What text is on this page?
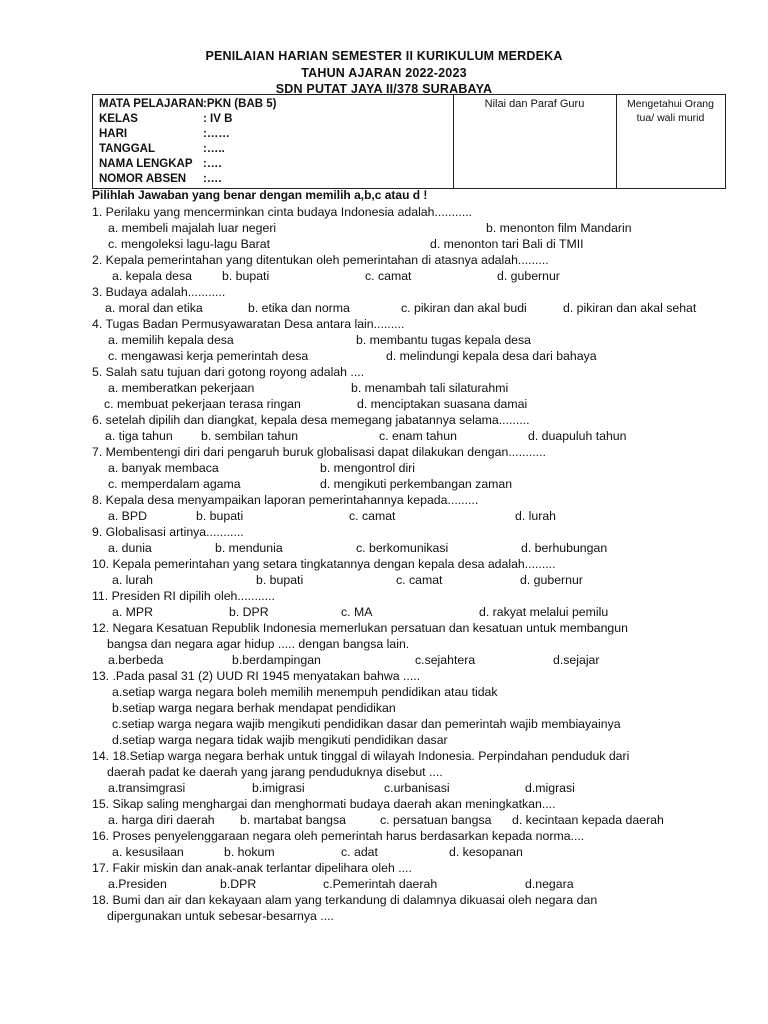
PENILAIAN HARIAN SEMESTER II KURIKULUM MERDEKA
TAHUN AJARAN 2022-2023
SDN PUTAT JAYA II/378 SURABAYA
MATA PELAJARAN:PKN (BAB 5)
KELAS	: IV B
HARI	:……
TANGGAL	:…..
NAMA LENGKAP :….
NOMOR ABSEN :….
Nilai dan Paraf Guru	Mengetahui Orang tua/ wali murid
Pilihlah Jawaban yang benar dengan memilih a,b,c atau d !
1. Perilaku yang mencerminkan cinta budaya Indonesia adalah...........
a. membeli majalah luar negeri	b. menonton film Mandarin
c. mengoleksi lagu-lagu Barat	d. menonton tari Bali di TMII
2. Kepala pemerintahan yang ditentukan oleh pemerintahan di atasnya adalah.........
a. kepala desa b. bupati	c. camat	d. gubernur
3. Budaya adalah...........
a. moral dan etika	b. etika dan norma	c. pikiran dan akal budi	d. pikiran dan akal sehat
4. Tugas Badan Permusyawaratan Desa antara lain.........
a. memilih kepala desa	b. membantu tugas kepala desa
c. mengawasi kerja pemerintah desa	d. melindungi kepala desa dari bahaya
5. Salah satu tujuan dari gotong royong adalah ....
a. memberatkan pekerjaan	b. menambah tali silaturahmi
c. membuat pekerjaan terasa ringan	d. menciptakan suasana damai
6. setelah dipilih dan diangkat, kepala desa memegang jabatannya selama.........
a. tiga tahun b. sembilan tahun	c. enam tahun	d. duapuluh tahun
7. Membentengi diri dari pengaruh buruk globalisasi dapat dilakukan dengan...........
a. banyak membaca	b. mengontrol diri
c. memperdalam agama	d. mengikuti perkembangan zaman
8. Kepala desa menyampaikan laporan pemerintahannya kepada.........
a. BPD	b. bupati	c. camat	d. lurah
9. Globalisasi artinya...........
a. dunia	b. mendunia	c. berkomunikasi	d. berhubungan
10. Kepala pemerintahan yang setara tingkatannya dengan kepala desa adalah.........
a. lurah	b. bupati	c. camat	d. gubernur
11. Presiden RI dipilih oleh...........
a. MPR	b. DPR	c. MA	d. rakyat melalui pemilu
12. Negara Kesatuan Republik Indonesia memerlukan persatuan dan kesatuan untuk membangun
bangsa dan negara agar hidup ..... dengan bangsa lain.
a.berbeda	b.berdampingan	c.sejahtera	d.sejajar
13. .Pada pasal 31 (2) UUD RI 1945 menyatakan bahwa .....
a.setiap warga negara boleh memilih menempuh pendidikan atau tidak
b.setiap warga negara berhak mendapat pendidikan
c.setiap warga negara wajib mengikuti pendidikan dasar dan pemerintah wajib membiayainya
d.setiap warga negara tidak wajib mengikuti pendidikan dasar
14. 18.Setiap warga negara berhak untuk tinggal di wilayah Indonesia. Perpindahan penduduk dari
daerah padat ke daerah yang jarang penduduknya disebut ....
a.transimgrasi	b.imigrasi	c.urbanisasi	d.migrasi
15. Sikap saling menghargai dan menghormati budaya daerah akan meningkatkan....
a. harga diri daerah b. martabat bangsa	c. persatuan bangsa d. kecintaan kepada daerah
16. Proses penyelenggaraan negara oleh pemerintah harus berdasarkan kepada norma....
a. kesusilaan	b. hokum	c. adat	d. kesopanan
17. Fakir miskin dan anak-anak terlantar dipelihara oleh ....
a.Presiden	b.DPR	c.Pemerintah daerah	d.negara
18. Bumi dan air dan kekayaan alam yang terkandung di dalamnya dikuasai oleh negara dan
dipergunakan untuk sebesar-besarnya ....
